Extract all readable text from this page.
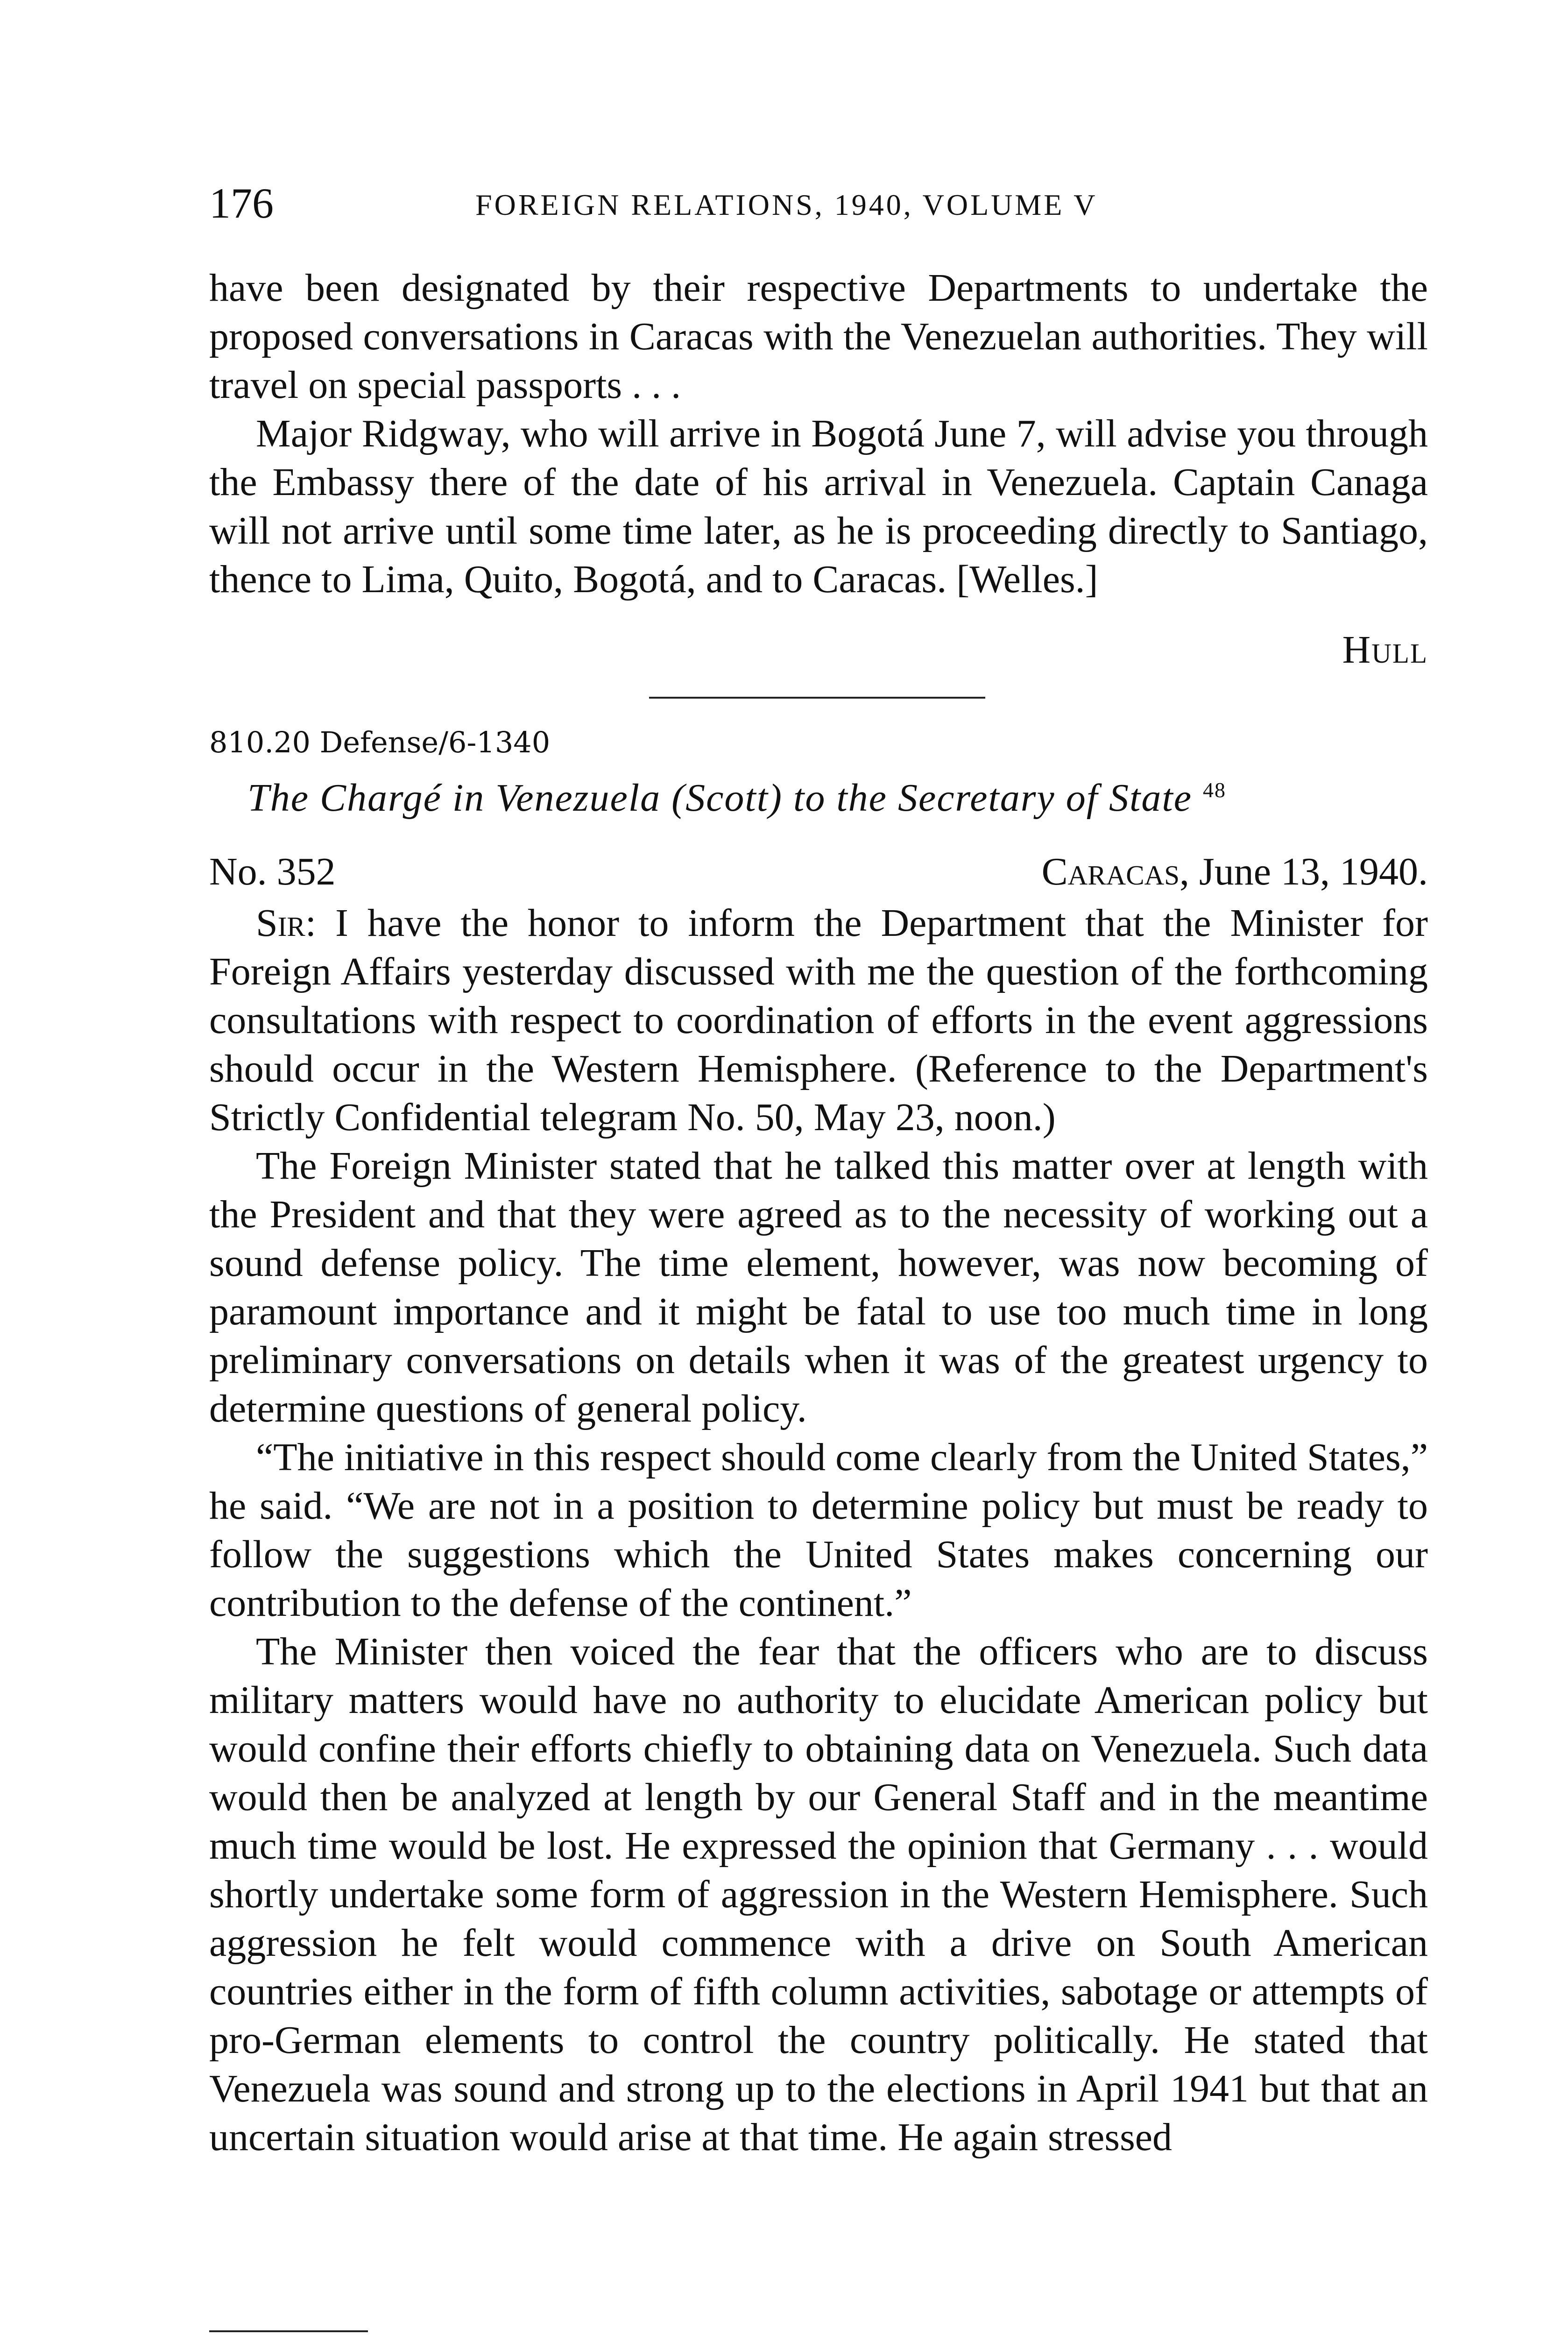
176	FOREIGN RELATIONS, 1940, VOLUME V

have been designated by their respective Departments to undertake the proposed conversations in Caracas with the Venezuelan authorities. They will travel on special passports . . .

Major Ridgway, who will arrive in Bogotá June 7, will advise you through the Embassy there of the date of his arrival in Venezuela. Captain Canaga will not arrive until some time later, as he is proceeding directly to Santiago, thence to Lima, Quito, Bogotá, and to Caracas. [Welles.]

Hull
810.20 Defense/6-1340
The Chargé in Venezuela (Scott) to the Secretary of State $^{48}$
No. 352	Caracas, June 13, 1940.

Sir: I have the honor to inform the Department that the Minister for Foreign Affairs yesterday discussed with me the question of the forthcoming consultations with respect to coordination of efforts in the event aggressions should occur in the Western Hemisphere. (Reference to the Department's Strictly Confidential telegram No. 50, May 23, noon.)

The Foreign Minister stated that he talked this matter over at length with the President and that they were agreed as to the necessity of working out a sound defense policy. The time element, however, was now becoming of paramount importance and it might be fatal to use too much time in long preliminary conversations on details when it was of the greatest urgency to determine questions of general policy.

“The initiative in this respect should come clearly from the United States,” he said. “We are not in a position to determine policy but must be ready to follow the suggestions which the United States makes concerning our contribution to the defense of the continent.”

The Minister then voiced the fear that the officers who are to discuss military matters would have no authority to elucidate American policy but would confine their efforts chiefly to obtaining data on Venezuela. Such data would then be analyzed at length by our General Staff and in the meantime much time would be lost. He expressed the opinion that Germany . . . would shortly undertake some form of aggression in the Western Hemisphere. Such aggression he felt would commence with a drive on South American countries either in the form of fifth column activities, sabotage or attempts of pro-German elements to control the country politically. He stated that Venezuela was sound and strong up to the elections in April 1941 but that an uncertain situation would arise at that time. He again stressed
